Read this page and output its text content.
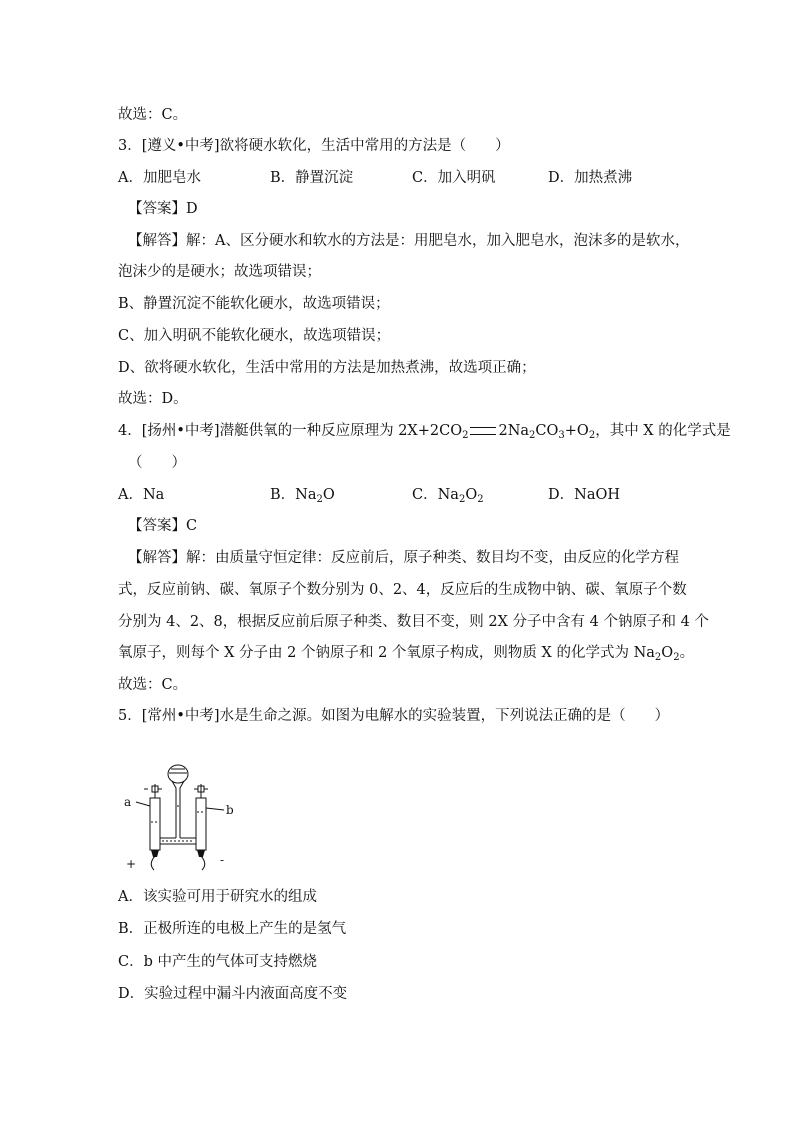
故选：C。
3．[遵义•中考]欲将硬水软化，生活中常用的方法是（　　）
A．加肥皂水	B．静置沉淀	C．加入明矾	D．加热煮沸
【答案】D
【解答】解：A、区分硬水和软水的方法是：用肥皂水，加入肥皂水，泡沫多的是软水，
泡沫少的是硬水；故选项错误；
B、静置沉淀不能软化硬水，故选项错误；
C、加入明矾不能软化硬水，故选项错误；
D、欲将硬水软化，生活中常用的方法是加热煮沸，故选项正确；
故选：D。
4．[扬州•中考]潜艇供氧的一种反应原理为 $2X+2CO_2$ $2Na_2CO_3+O_2$，其中 X 的化学式是
（　　）
A．Na	B．$Na_2O$	C．$Na_2O_2$	D．NaOH
【答案】C
【解答】解：由质量守恒定律：反应前后，原子种类、数目均不变，由反应的化学方程
式，反应前钠、碳、氧原子个数分别为 0、2、4，反应后的生成物中钠、碳、氧原子个数
分别为 4、2、8，根据反应前后原子种类、数目不变，则 2X 分子中含有 4 个钠原子和 4 个
氧原子，则每个 X 分子由 2 个钠原子和 2 个氧原子构成，则物质 X 的化学式为 $Na_2O_2$。
故选：C。
5．[常州•中考]水是生命之源。如图为电解水的实验装置，下列说法正确的是（　　）
a
b
+	-
A．该实验可用于研究水的组成
B．正极所连的电极上产生的是氢气
C．b 中产生的气体可支持燃烧
D．实验过程中漏斗内液面高度不变
